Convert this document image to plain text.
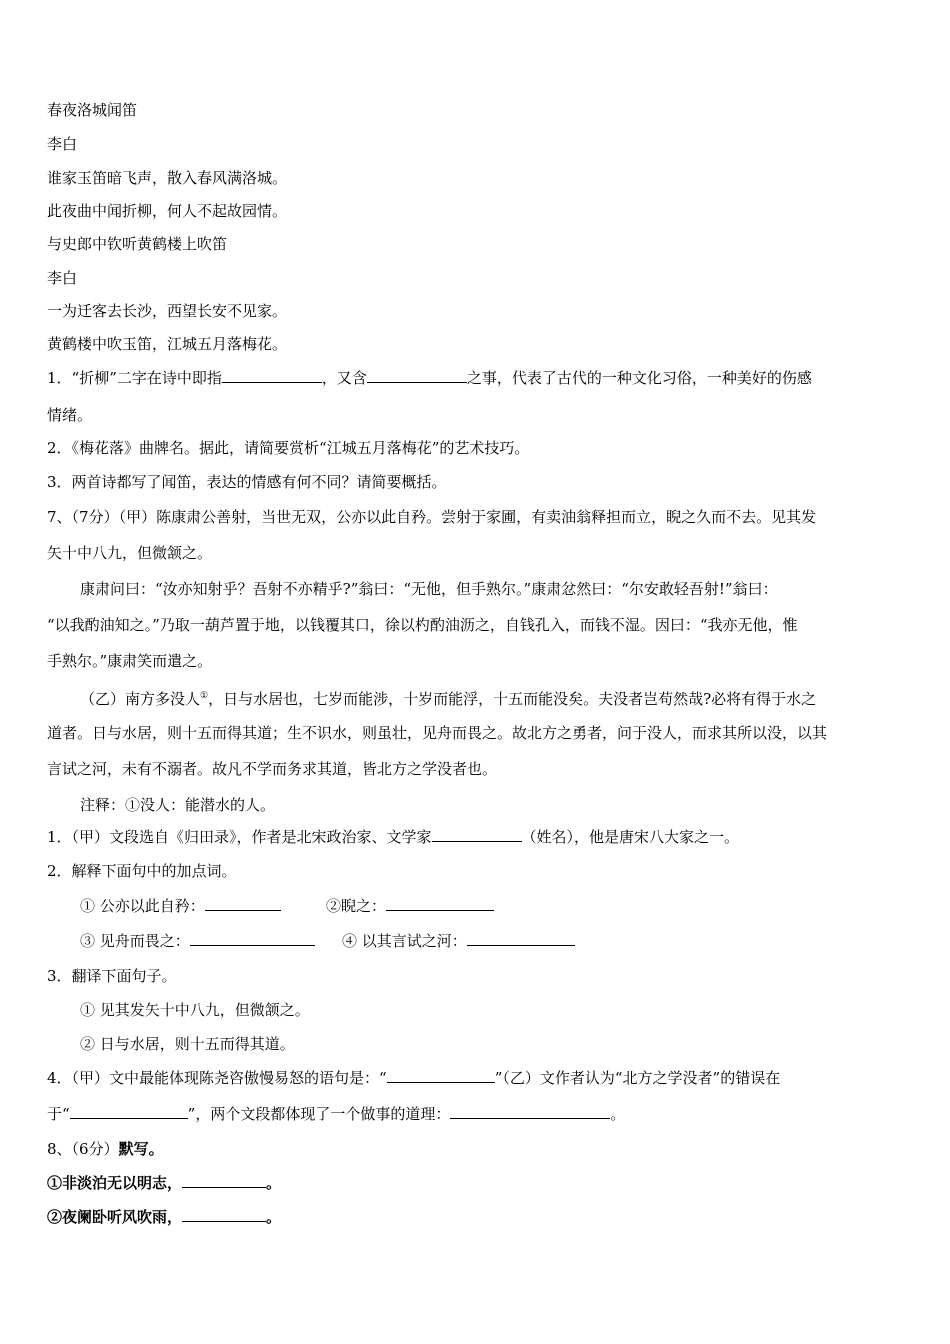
春夜洛城闻笛
李白
谁家玉笛暗飞声，散入春风满洛城。
此夜曲中闻折柳，何人不起故园情。
与史郎中钦听黄鹤楼上吹笛
李白
一为迁客去长沙，西望长安不见家。
黄鹤楼中吹玉笛，江城五月落梅花。
1．“折柳”二字在诗中即指	，又含	之事，代表了古代的一种文化习俗，一种美好的伤感
情绪。
2．《梅花落》曲牌名。据此，请简要赏析“江城五月落梅花”的艺术技巧。
3．两首诗都写了闻笛，表达的情感有何不同？请简要概括。
7、（7分）（甲）陈康肃公善射，当世无双，公亦以此自矜。尝射于家圃，有卖油翁释担而立，睨之久而不去。见其发
矢十中八九，但微颔之。
康肃问曰：“汝亦知射乎？吾射不亦精乎?”翁曰：“无他，但手熟尔。”康肃忿然曰：“尔安敢轻吾射!”翁曰：
“以我酌油知之。”乃取一葫芦置于地，以钱覆其口，徐以杓酌油沥之，自钱孔入，而钱不湿。因曰：“我亦无他，惟
手熟尔。”康肃笑而遣之。
（乙）南方多没人①，日与水居也，七岁而能涉，十岁而能浮，十五而能没矣。夫没者岂苟然哉?必将有得于水之
道者。日与水居，则十五而得其道；生不识水，则虽壮，见舟而畏之。故北方之勇者，问于没人，而求其所以没，以其
言试之河，未有不溺者。故凡不学而务求其道，皆北方之学没者也。
注释：①没人：能潜水的人。
1．（甲）文段选自《归田录》，作者是北宋政治家、文学家	（姓名），他是唐宋八大家之一。
2．解释下面句中的加点词。
① 公亦以此自矜：	②睨之：
③ 见舟而畏之：	④ 以其言试之河：
3．翻译下面句子。
① 见其发矢十中八九，但微颔之。
② 日与水居，则十五而得其道。
4．（甲）文中最能体现陈尧咨傲慢易怒的语句是：“	”（乙）文作者认为“北方之学没者”的错误在
于“	”，两个文段都体现了一个做事的道理：	。
8、（6分）默写。
①非淡泊无以明志，	。
②夜阑卧听风吹雨，	。
